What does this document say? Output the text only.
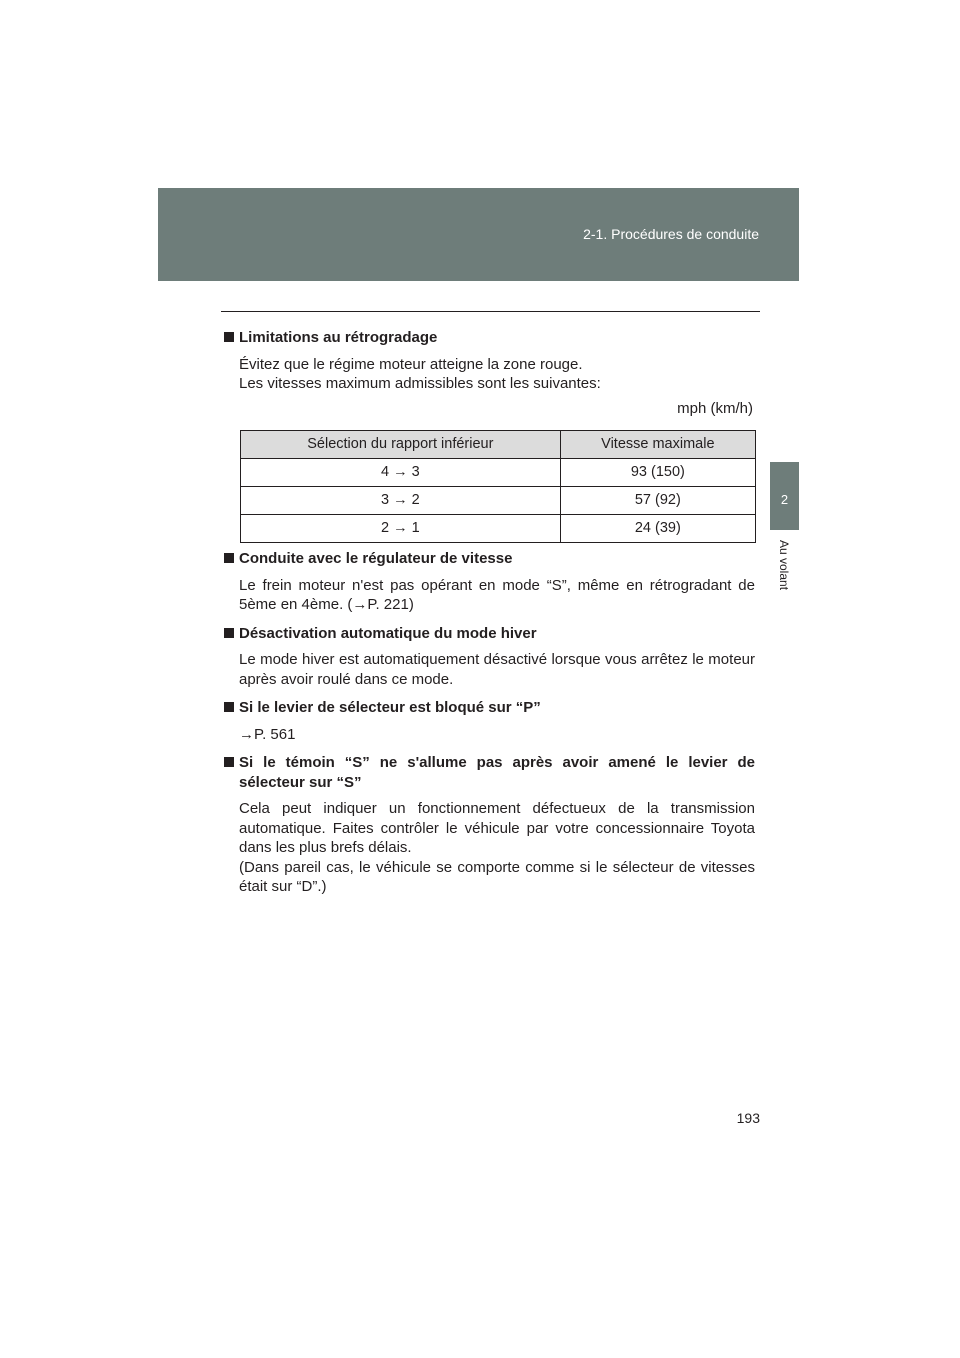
2-1. Procédures de conduite
2
Au volant

Limitations au rétrogradage

Évitez que le régime moteur atteigne la zone rouge.

Les vitesses maximum admissibles sont les suivantes:

mph (km/h)

Sélection du rapport inférieur	Vitesse maximale
4 → 3	93 (150)
3 → 2	57 (92)
2 → 1	24 (39)

Conduite avec le régulateur de vitesse

Le frein moteur n'est pas opérant en mode “S”, même en rétrogradant de 5ème en 4ème. (→P. 221)

Désactivation automatique du mode hiver

Le mode hiver est automatiquement désactivé lorsque vous arrêtez le moteur après avoir roulé dans ce mode.

Si le levier de sélecteur est bloqué sur “P”

→P. 561

Si le témoin “S” ne s'allume pas après avoir amené le levier de sélecteur sur “S”

Cela peut indiquer un fonctionnement défectueux de la transmission automatique. Faites contrôler le véhicule par votre concessionnaire Toyota dans les plus brefs délais.

(Dans pareil cas, le véhicule se comporte comme si le sélecteur de vitesses était sur “D”.)

193
